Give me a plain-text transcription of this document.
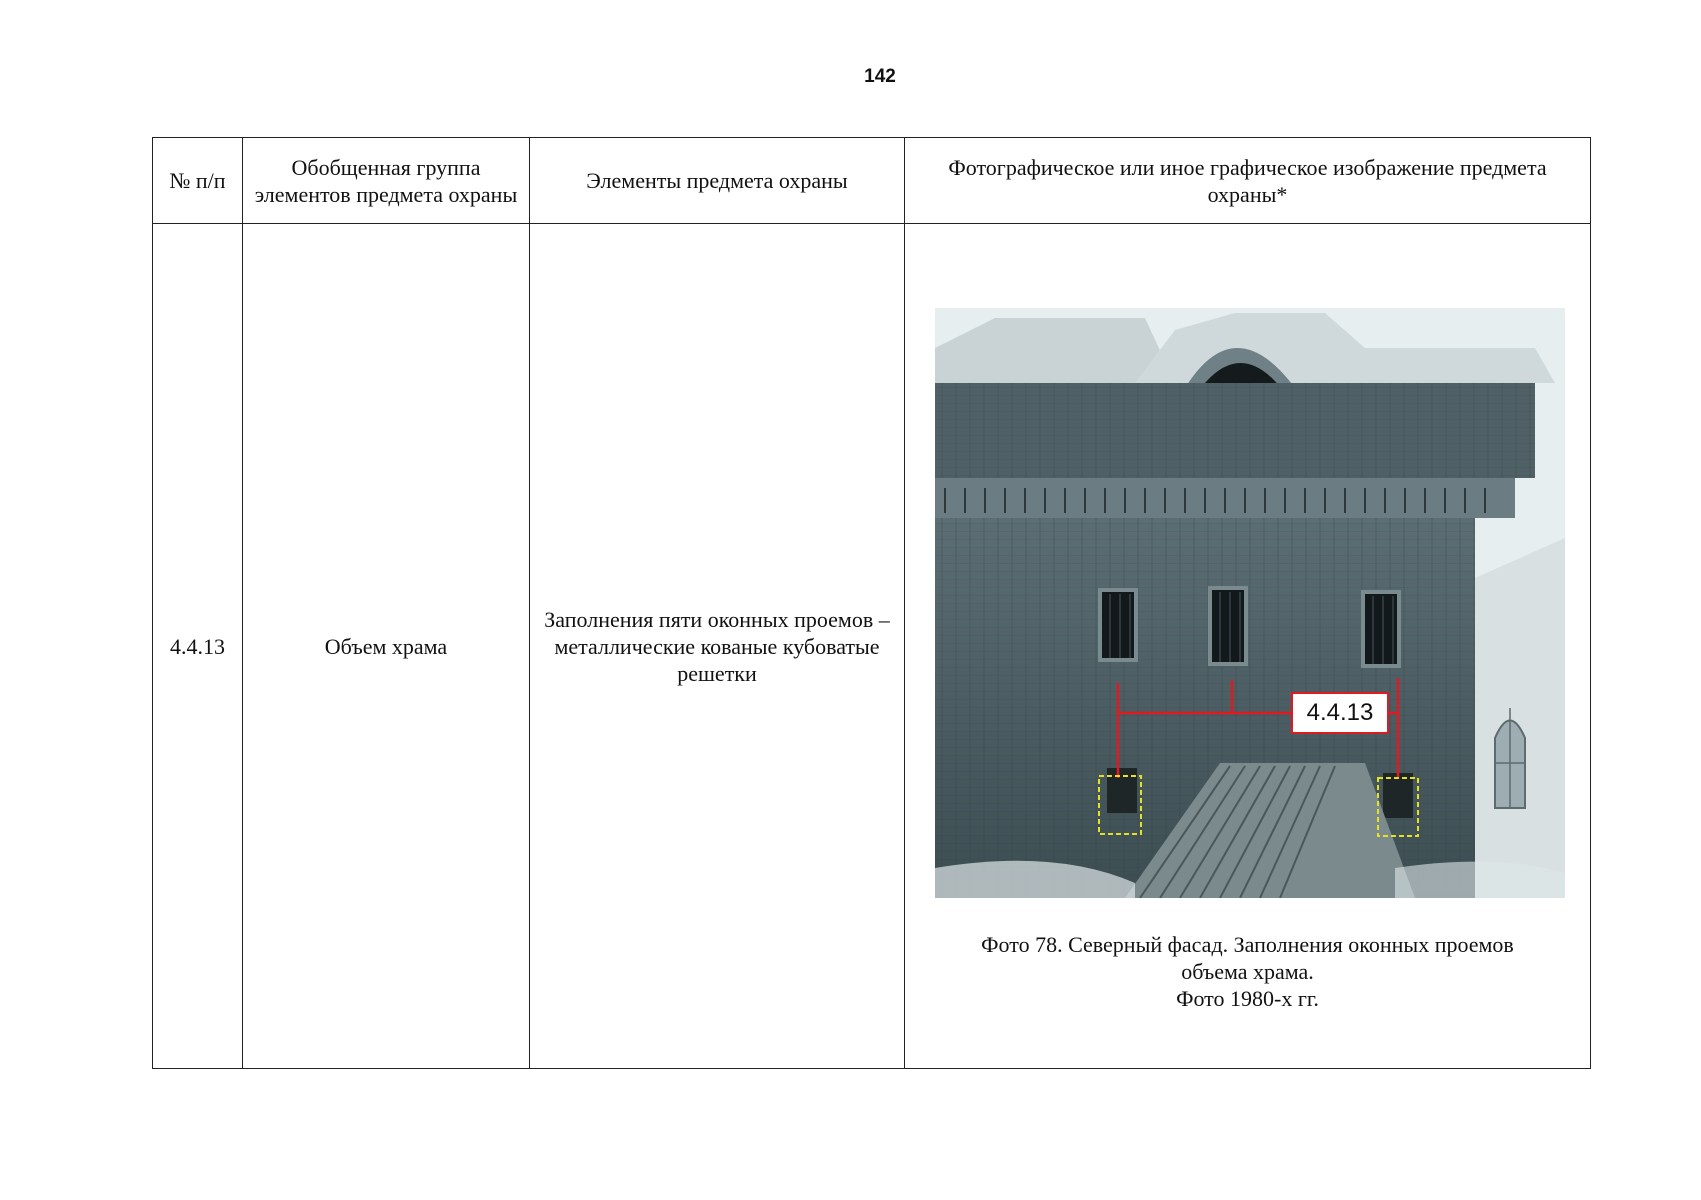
142
№ п/п	Обобщенная группа элементов предмета охраны	Элементы предмета охраны	Фотографическое или иное графическое изображение предмета охраны*
4.4.13	Объем храма	Заполнения пяти оконных проемов – металлические кованые кубоватые решетки	4.4.13
Фото 78. Северный фасад. Заполнения оконных проемов
объема храма.
Фото 1980-х гг.
